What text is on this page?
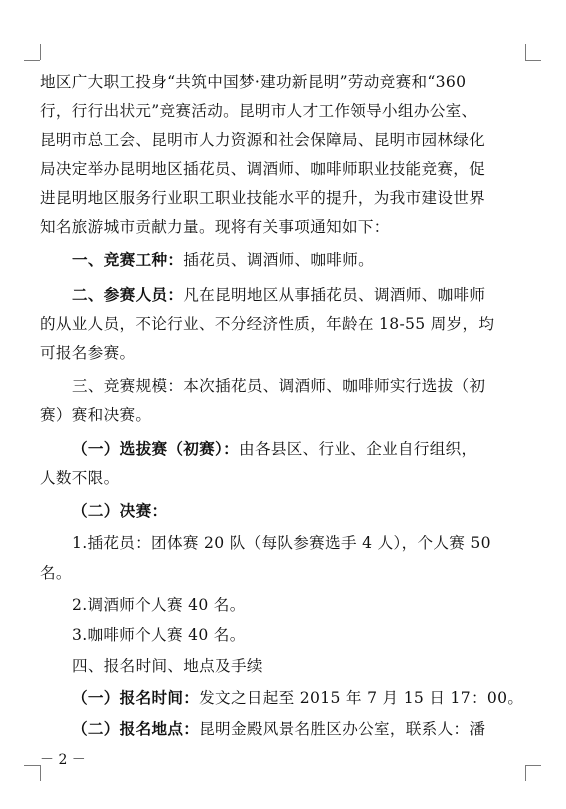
地区广大职工投身“共筑中国梦·建功新昆明”劳动竞赛和“360
行，行行出状元”竞赛活动。昆明市人才工作领导小组办公室、
昆明市总工会、昆明市人力资源和社会保障局、昆明市园林绿化
局决定举办昆明地区插花员、调酒师、咖啡师职业技能竞赛，促
进昆明地区服务行业职工职业技能水平的提升，为我市建设世界
知名旅游城市贡献力量。现将有关事项通知如下：
一、竞赛工种：插花员、调酒师、咖啡师。
二、参赛人员：凡在昆明地区从事插花员、调酒师、咖啡师
的从业人员，不论行业、不分经济性质，年龄在 18-55 周岁，均
可报名参赛。
三、竞赛规模：本次插花员、调酒师、咖啡师实行选拔（初
赛）赛和决赛。
（一）选拔赛（初赛）：由各县区、行业、企业自行组织，
人数不限。
（二）决赛：
1.插花员：团体赛 20 队（每队参赛选手 4 人），个人赛 50
名。
2.调酒师个人赛 40 名。
3.咖啡师个人赛 40 名。
四、报名时间、地点及手续
（一）报名时间：发文之日起至 2015 年 7 月 15 日 17：00。
（二）报名地点：昆明金殿风景名胜区办公室，联系人：潘
－ 2 －
